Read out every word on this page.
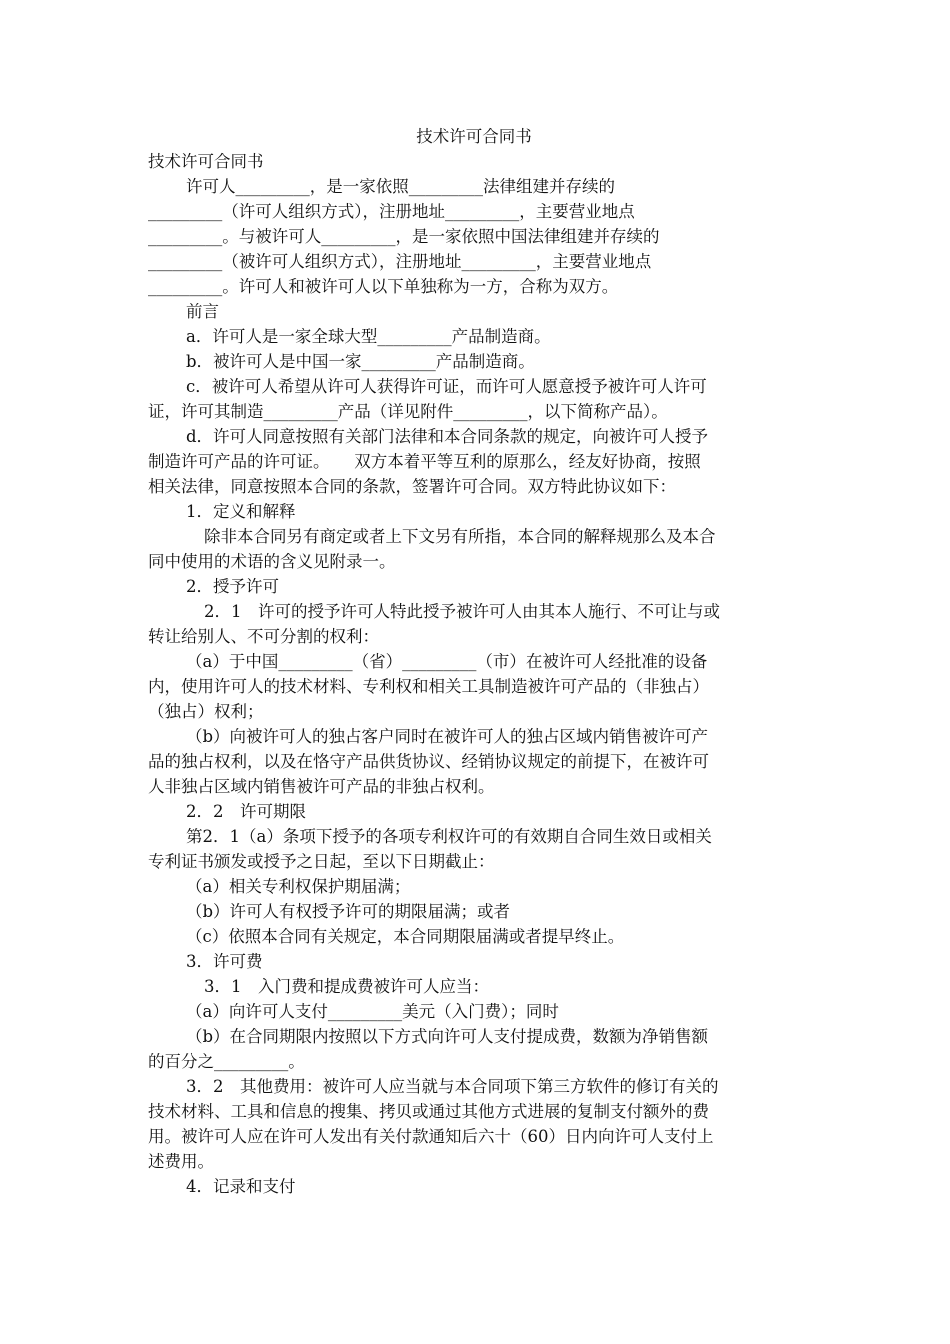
技术许可合同书
技术许可合同书
许可人_________，是一家依照_________法律组建并存续的
_________（许可人组织方式），注册地址_________，主要营业地点
_________。与被许可人_________，是一家依照中国法律组建并存续的
_________（被许可人组织方式），注册地址_________，主要营业地点
_________。许可人和被许可人以下单独称为一方，合称为双方。
前言
a．许可人是一家全球大型_________产品制造商。
b．被许可人是中国一家_________产品制造商。
c．被许可人希望从许可人获得许可证，而许可人愿意授予被许可人许可
证，许可其制造_________产品（详见附件_________，以下简称产品）。
d．许可人同意按照有关部门法律和本合同条款的规定，向被许可人授予
制造许可产品的许可证。　　双方本着平等互利的原那么，经友好协商，按照
相关法律，同意按照本合同的条款，签署许可合同。双方特此协议如下：
1．定义和解释
除非本合同另有商定或者上下文另有所指，本合同的解释规那么及本合
同中使用的术语的含义见附录一。
2．授予许可
2．1　许可的授予许可人特此授予被许可人由其本人施行、不可让与或
转让给别人、不可分割的权利：
（a）于中国_________（省）_________（市）在被许可人经批准的设备
内，使用许可人的技术材料、专利权和相关工具制造被许可产品的（非独占）
（独占）权利；
（b）向被许可人的独占客户同时在被许可人的独占区域内销售被许可产
品的独占权利，以及在恪守产品供货协议、经销协议规定的前提下，在被许可
人非独占区域内销售被许可产品的非独占权利。
2．2　许可期限
第2．1（a）条项下授予的各项专利权许可的有效期自合同生效日或相关
专利证书颁发或授予之日起，至以下日期截止：
（a）相关专利权保护期届满；
（b）许可人有权授予许可的期限届满；或者
（c）依照本合同有关规定，本合同期限届满或者提早终止。
3．许可费
3．1　入门费和提成费被许可人应当：
（a）向许可人支付_________美元（入门费）；同时
（b）在合同期限内按照以下方式向许可人支付提成费，数额为净销售额
的百分之_________。
3．2　其他费用：被许可人应当就与本合同项下第三方软件的修订有关的
技术材料、工具和信息的搜集、拷贝或通过其他方式进展的复制支付额外的费
用。被许可人应在许可人发出有关付款通知后六十（60）日内向许可人支付上
述费用。
4．记录和支付
